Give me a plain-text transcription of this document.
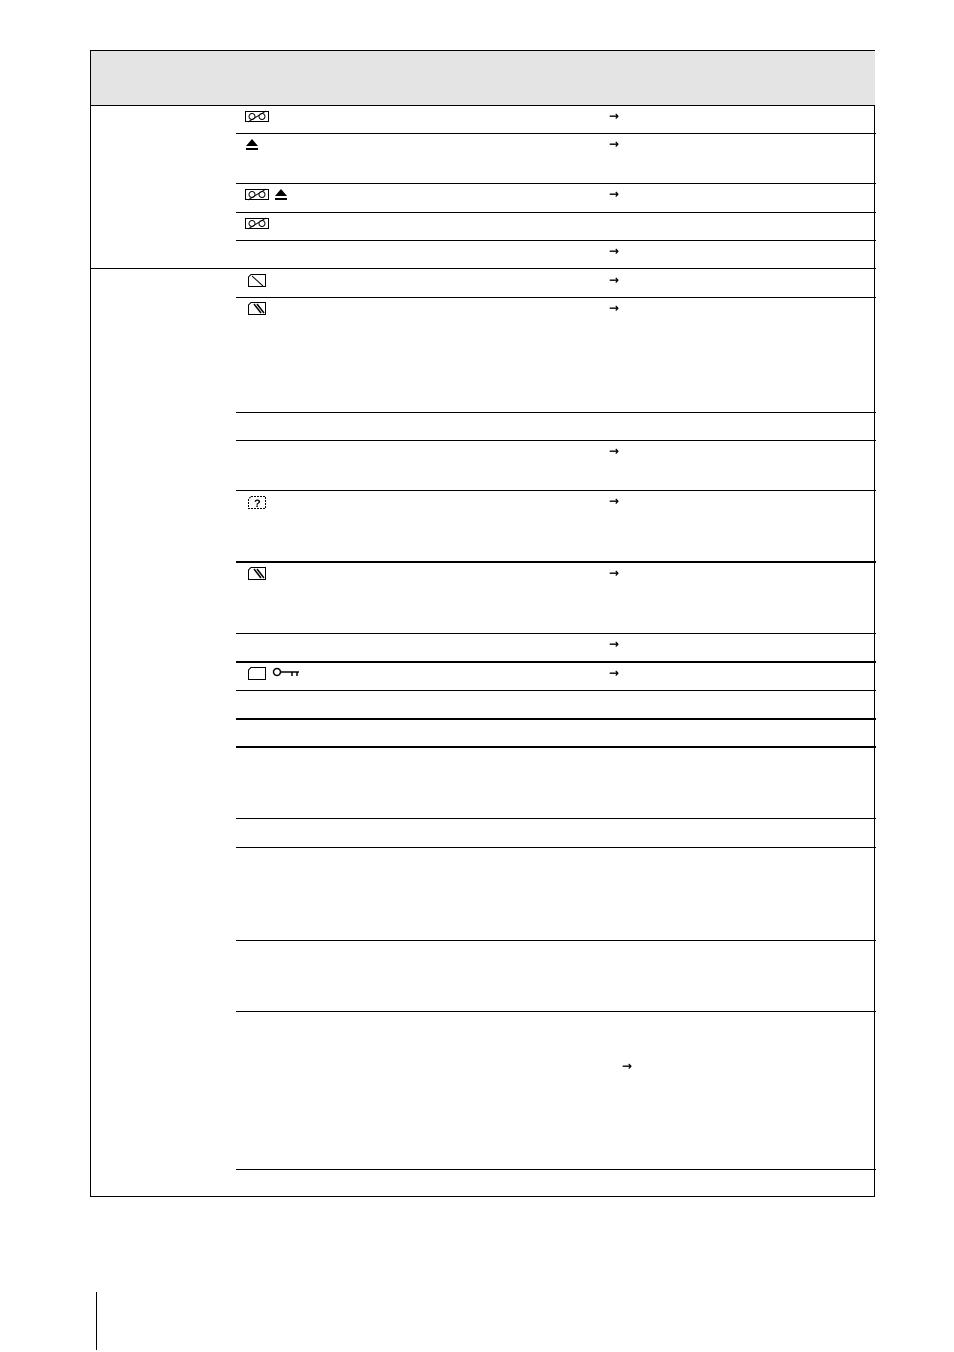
?
→
→
→
→
→
→
→
→
→
→
→
→
